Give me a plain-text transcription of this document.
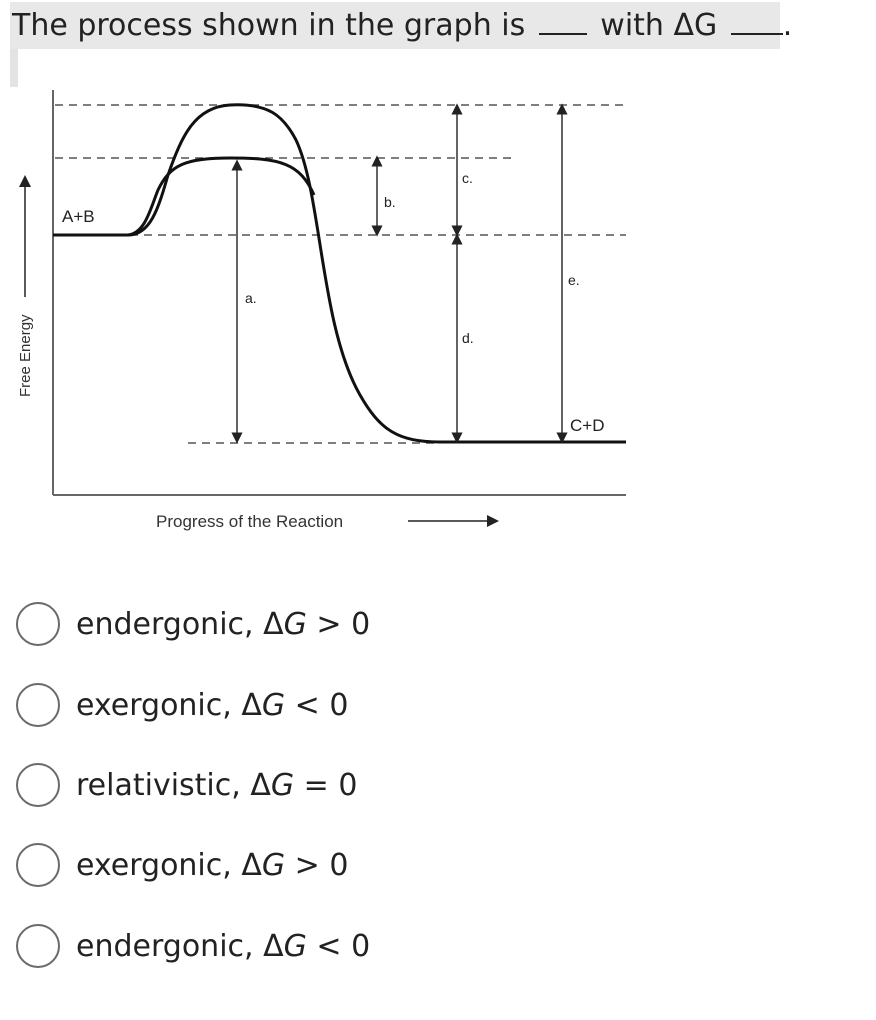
The process shown in the graph is  with ΔG .
A+B
C+D
a.
b.
c.
d.
e.
Free Energy
Progress of the Reaction
endergonic, ΔG > 0
exergonic, ΔG < 0
relativistic, ΔG = 0
exergonic, ΔG > 0
endergonic, ΔG < 0
